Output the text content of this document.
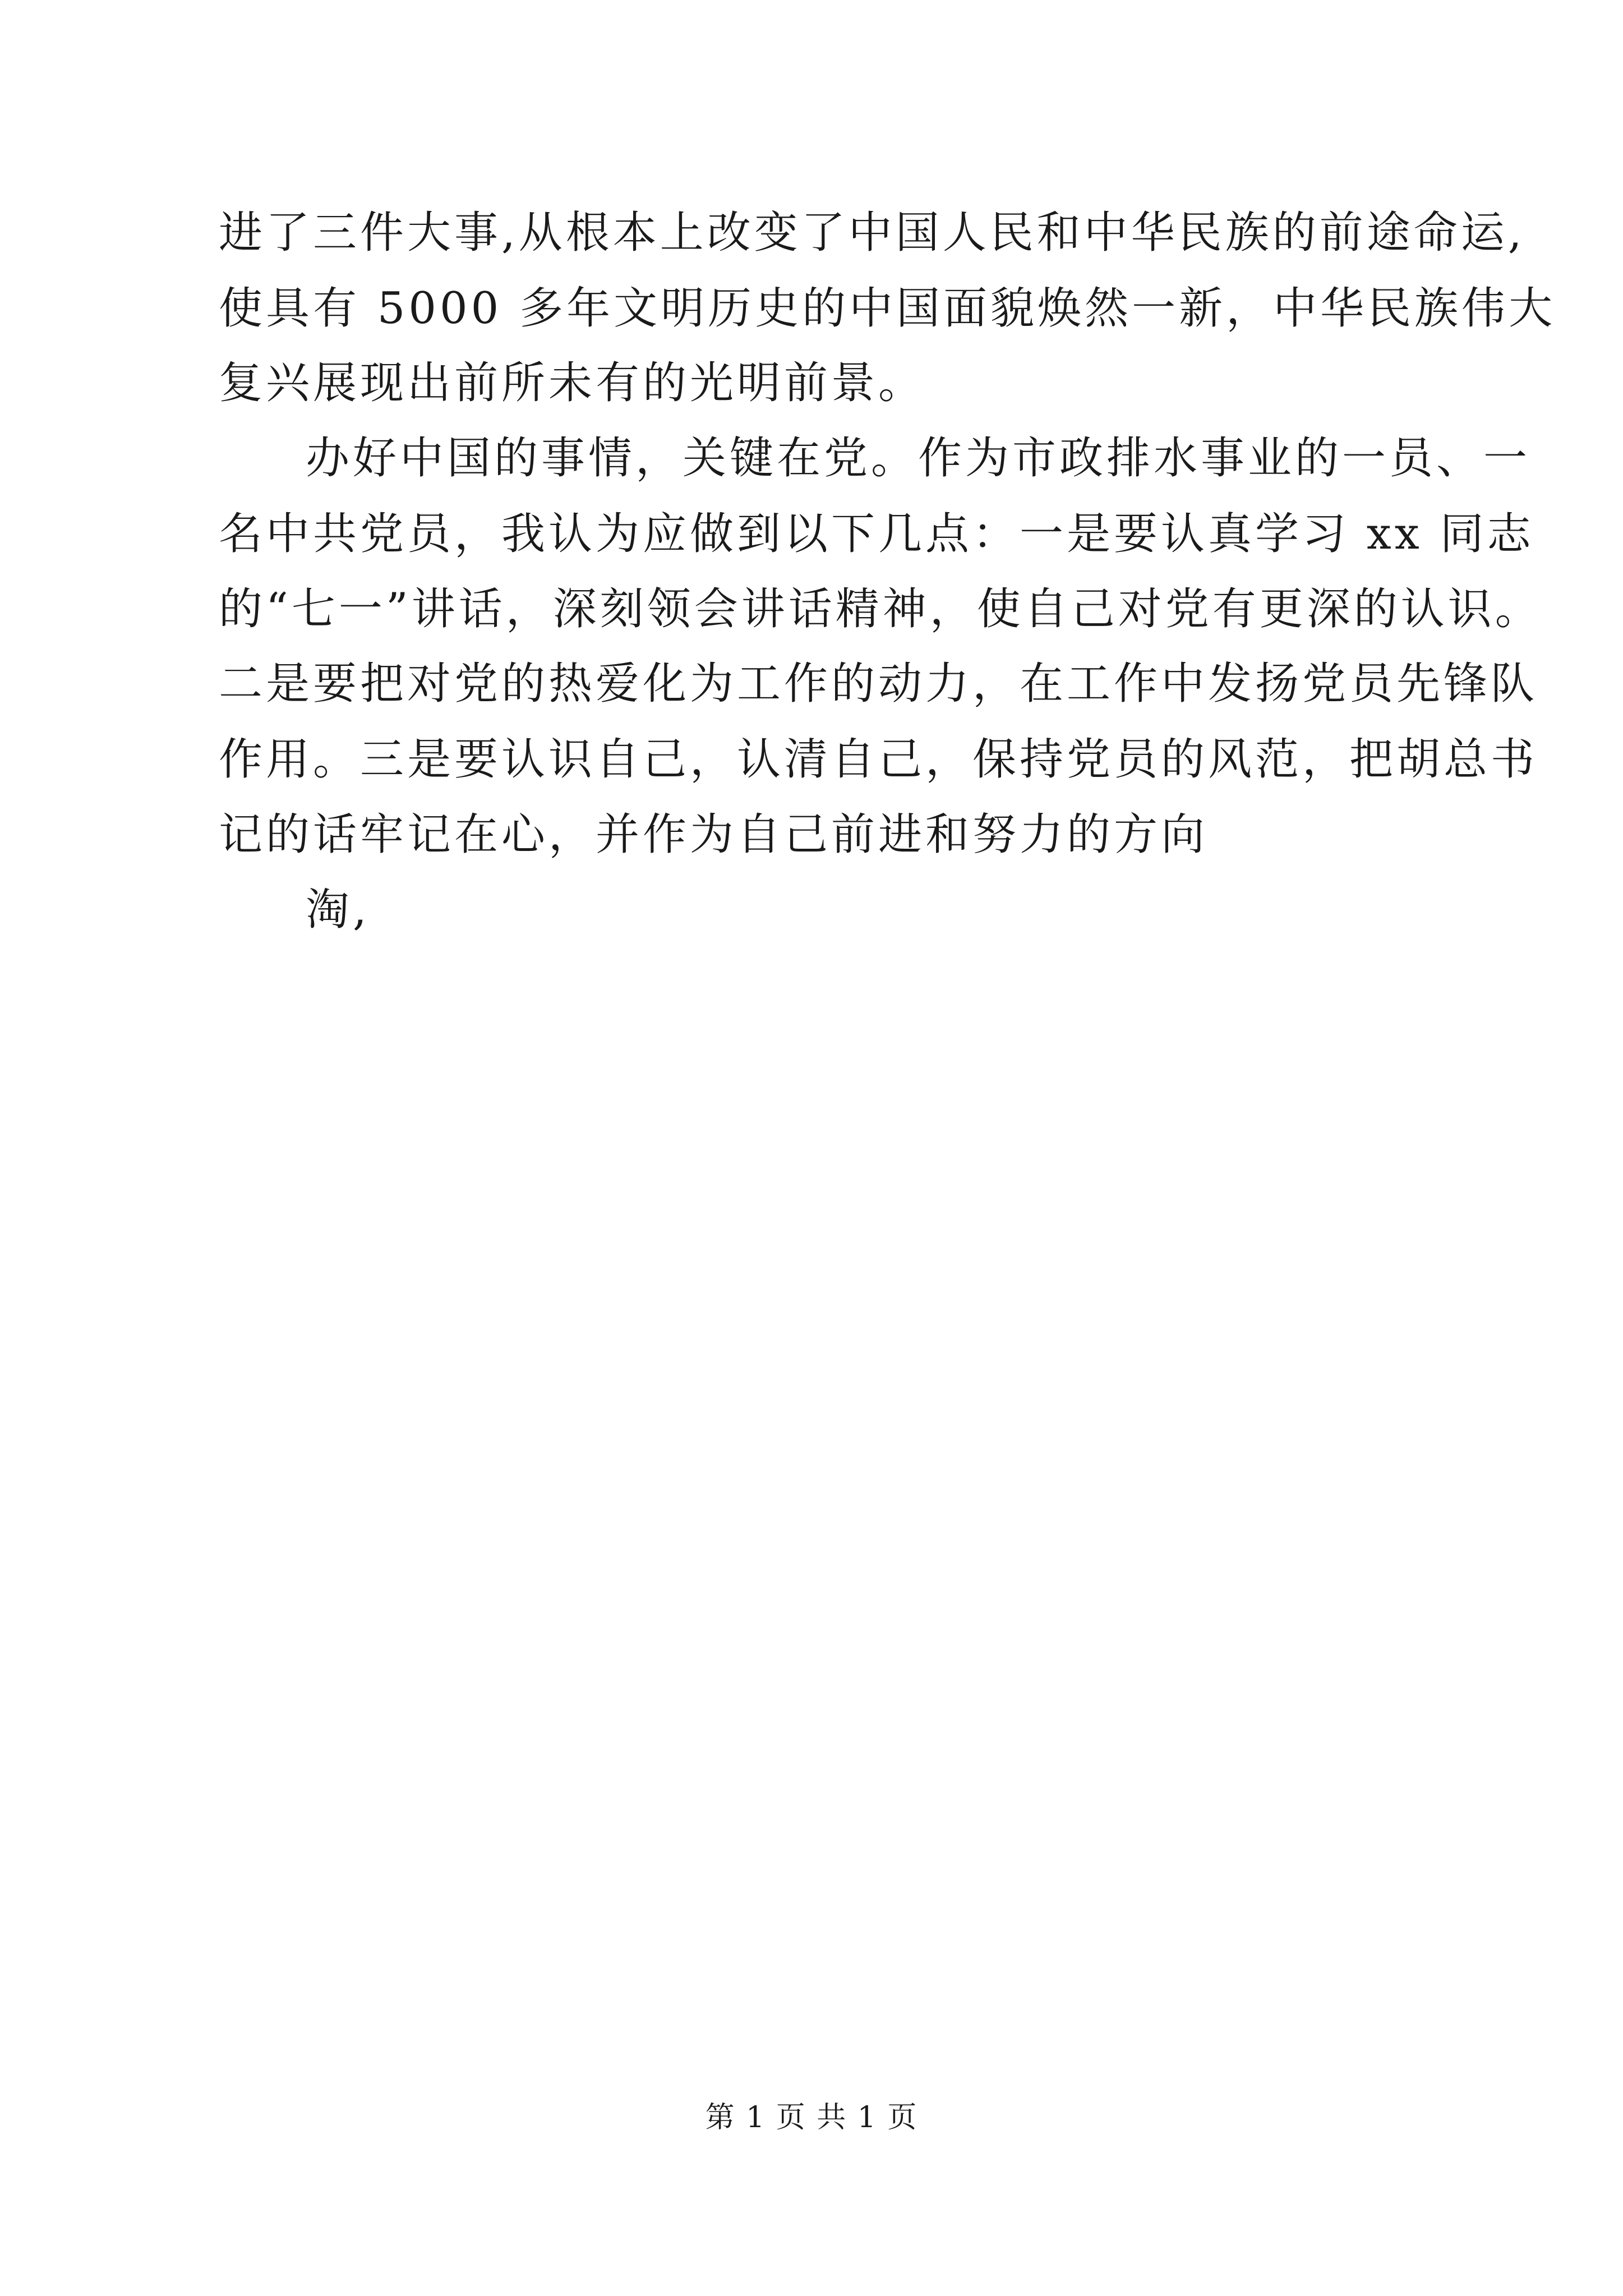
进了三件大事,从根本上改变了中国人民和中华民族的前途命运,
使具有 5000 多年文明历史的中国面貌焕然一新，中华民族伟大
复兴展现出前所未有的光明前景。
办好中国的事情，关键在党。作为市政排水事业的一员、一
名中共党员，我认为应做到以下几点：一是要认真学习 xx 同志
的“七一”讲话，深刻领会讲话精神，使自己对党有更深的认识。
二是要把对党的热爱化为工作的动力，在工作中发扬党员先锋队
作用。三是要认识自己，认清自己，保持党员的风范，把胡总书
记的话牢记在心，并作为自己前进和努力的方向
淘,
第 1 页 共 1 页
